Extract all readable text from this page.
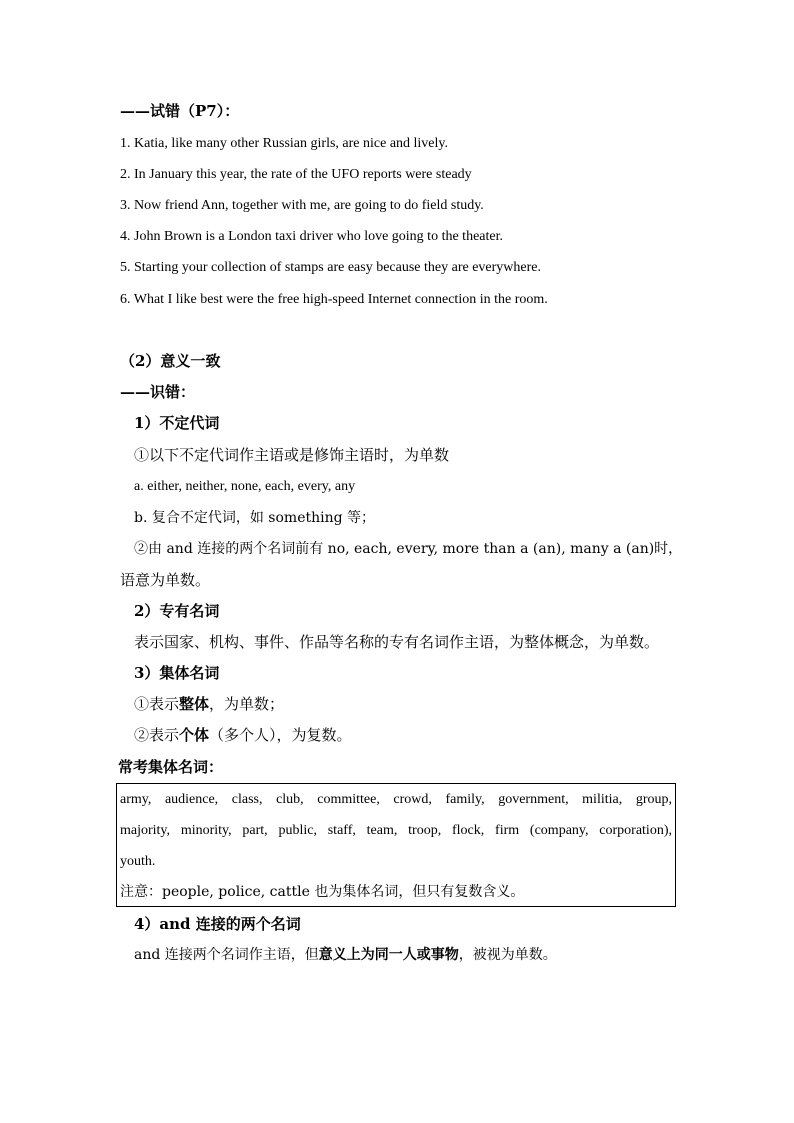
——试错（P7）：
1. Katia, like many other Russian girls, are nice and lively.
2. In January this year, the rate of the UFO reports were steady
3. Now friend Ann, together with me, are going to do field study.
4. John Brown is a London taxi driver who love going to the theater.
5. Starting your collection of stamps are easy because they are everywhere.
6. What I like best were the free high-speed Internet connection in the room.
（2）意义一致
——识错：
1）不定代词
①以下不定代词作主语或是修饰主语时，为单数
a. either, neither, none, each, every, any
b. 复合不定代词，如 something 等；
②由 and 连接的两个名词前有 no, each, every, more than a (an), many a (an)时，
语意为单数。
2）专有名词
表示国家、机构、事件、作品等名称的专有名词作主语，为整体概念，为单数。
3）集体名词
①表示整体，为单数；
②表示个体（多个人），为复数。
常考集体名词：
army, audience, class, club, committee, crowd, family, government, militia, group,
majority, minority, part, public, staff, team, troop, flock, firm (company, corporation),
youth.
注意：people, police, cattle 也为集体名词，但只有复数含义。
4）and 连接的两个名词
and 连接两个名词作主语，但意义上为同一人或事物，被视为单数。
